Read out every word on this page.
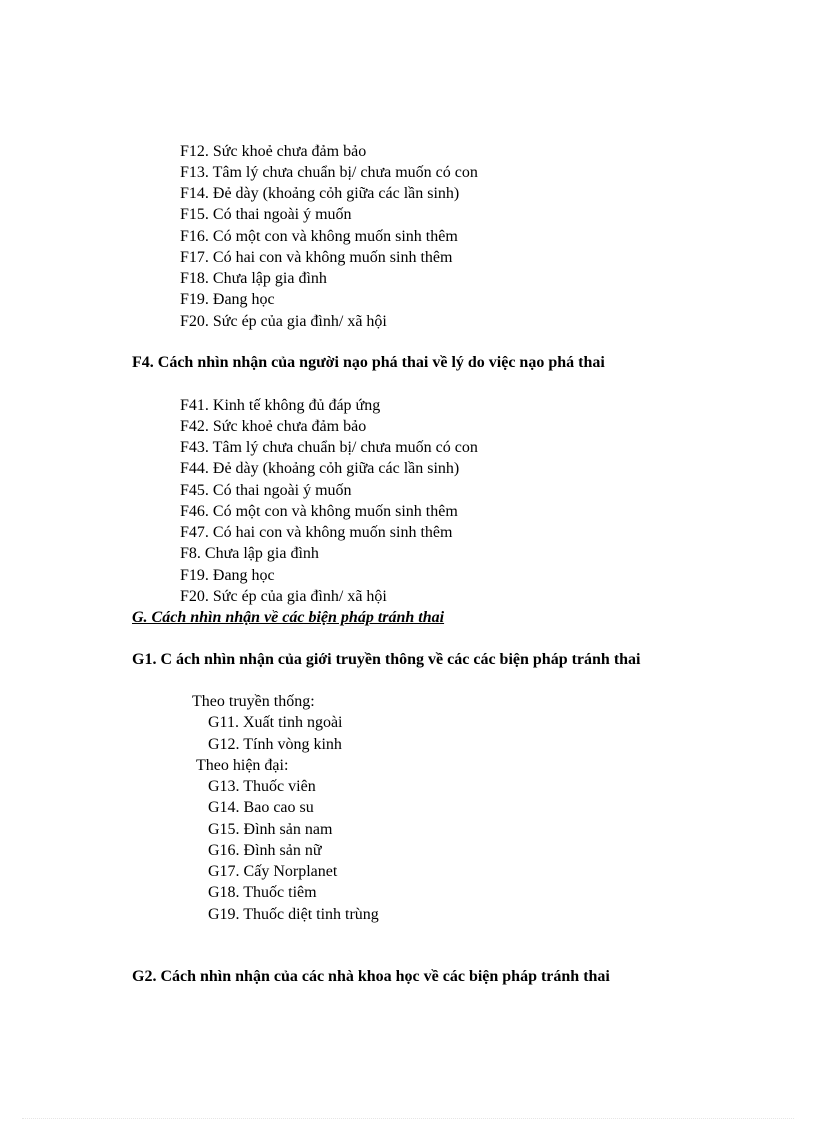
F12. Sức khoẻ chưa đảm bảo
F13. Tâm lý chưa chuẩn bị/ chưa muốn có con
F14. Đẻ dày (khoảng cỏh giữa các lần sinh)
F15. Có thai ngoài ý muốn
F16. Có một con và không muốn sinh thêm
F17. Có hai con và không muốn sinh thêm
F18. Chưa lập gia đình
F19. Đang học
F20. Sức ép của gia đình/ xã hội
F4. Cách nhìn nhận của người nạo phá thai về lý do việc nạo phá thai
F41. Kinh tế không đủ đáp ứng
F42. Sức khoẻ chưa đảm bảo
F43. Tâm lý chưa chuẩn bị/ chưa muốn có con
F44. Đẻ dày (khoảng cỏh giữa các lần sinh)
F45. Có thai ngoài ý muốn
F46. Có một con và không muốn sinh thêm
F47. Có hai con và không muốn sinh thêm
F8. Chưa lập gia đình
F19. Đang học
F20. Sức ép của gia đình/ xã hội
G. Cách nhìn nhận về các biện pháp tránh thai
G1. C ách nhìn nhận của giới truyền thông về các các biện pháp tránh thai
Theo truyền thống:
G11. Xuất tinh ngoài
G12. Tính vòng kinh
Theo hiện đại:
G13. Thuốc viên
G14. Bao cao su
G15. Đình sản nam
G16. Đình sản nữ
G17. Cấy Norplanet
G18. Thuốc tiêm
G19. Thuốc diệt tinh trùng
G2. Cách nhìn nhận của các nhà khoa học về các biện pháp tránh thai
